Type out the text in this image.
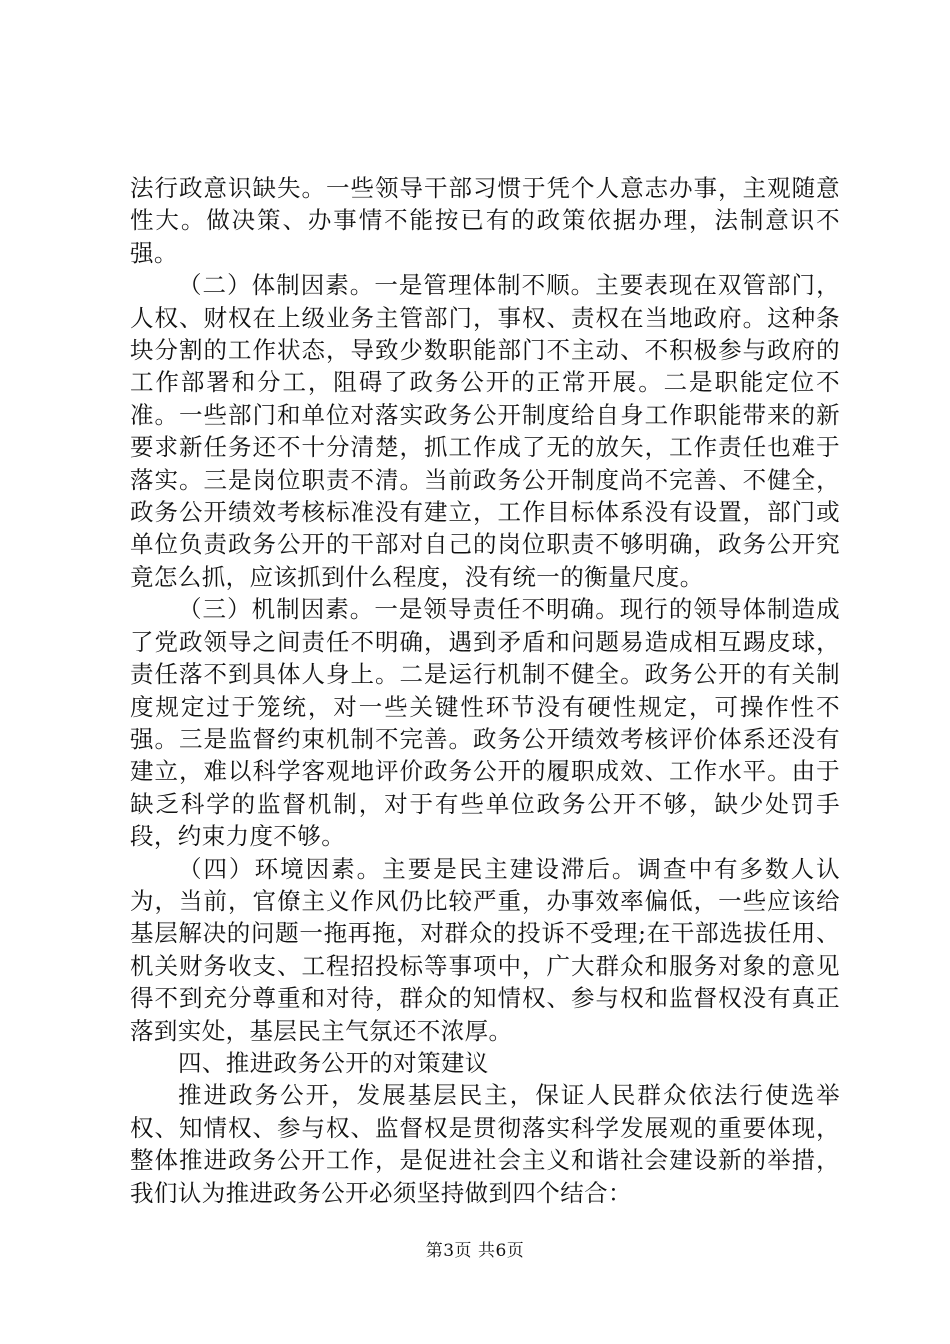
法行政意识缺失。一些领导干部习惯于凭个人意志办事，主观随意性大。做决策、办事情不能按已有的政策依据办理，法制意识不强。

（二）体制因素。一是管理体制不顺。主要表现在双管部门，人权、财权在上级业务主管部门，事权、责权在当地政府。这种条块分割的工作状态，导致少数职能部门不主动、不积极参与政府的工作部署和分工，阻碍了政务公开的正常开展。二是职能定位不准。一些部门和单位对落实政务公开制度给自身工作职能带来的新要求新任务还不十分清楚，抓工作成了无的放矢，工作责任也难于落实。三是岗位职责不清。当前政务公开制度尚不完善、不健全，政务公开绩效考核标准没有建立，工作目标体系没有设置，部门或单位负责政务公开的干部对自己的岗位职责不够明确，政务公开究竟怎么抓，应该抓到什么程度，没有统一的衡量尺度。

（三）机制因素。一是领导责任不明确。现行的领导体制造成了党政领导之间责任不明确，遇到矛盾和问题易造成相互踢皮球，责任落不到具体人身上。二是运行机制不健全。政务公开的有关制度规定过于笼统，对一些关键性环节没有硬性规定，可操作性不强。三是监督约束机制不完善。政务公开绩效考核评价体系还没有建立，难以科学客观地评价政务公开的履职成效、工作水平。由于缺乏科学的监督机制，对于有些单位政务公开不够，缺少处罚手段，约束力度不够。

（四）环境因素。主要是民主建设滞后。调查中有多数人认为，当前，官僚主义作风仍比较严重，办事效率偏低，一些应该给基层解决的问题一拖再拖，对群众的投诉不受理;在干部选拔任用、机关财务收支、工程招投标等事项中，广大群众和服务对象的意见得不到充分尊重和对待，群众的知情权、参与权和监督权没有真正落到实处，基层民主气氛还不浓厚。

四、推进政务公开的对策建议

推进政务公开，发展基层民主，保证人民群众依法行使选举权、知情权、参与权、监督权是贯彻落实科学发展观的重要体现，整体推进政务公开工作，是促进社会主义和谐社会建设新的举措，我们认为推进政务公开必须坚持做到四个结合：

第3页 共6页
